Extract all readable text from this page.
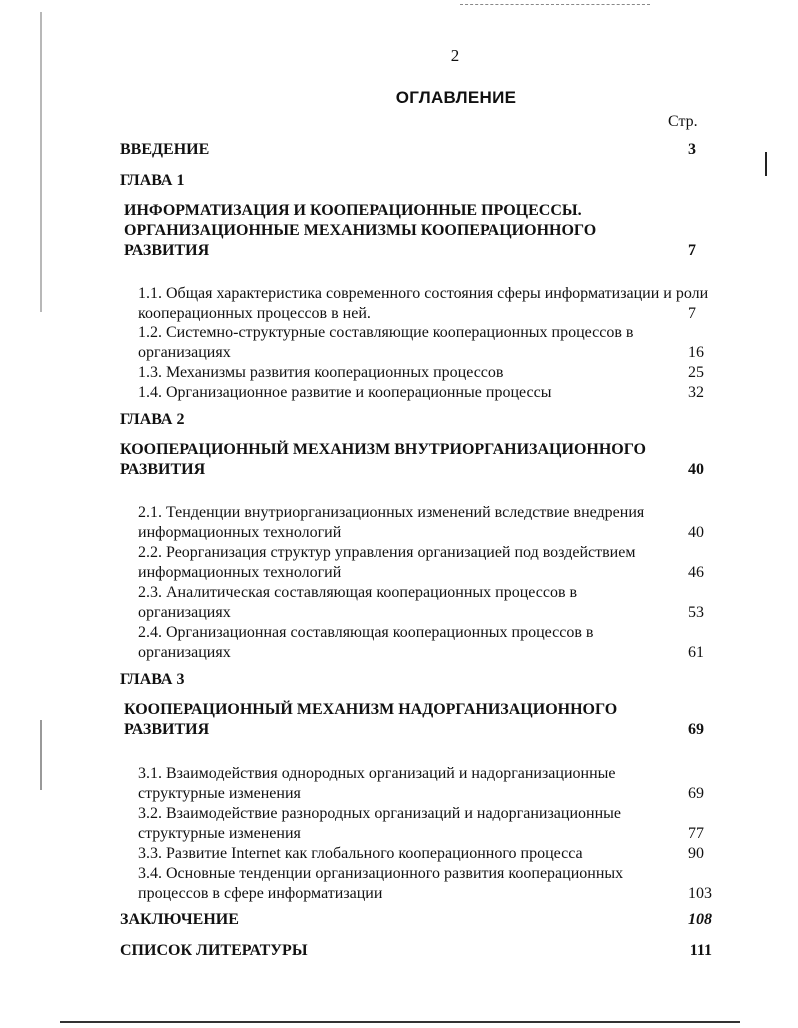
2
ОГЛАВЛЕНИЕ
Стр.
ВВЕДЕНИЕ	3
ГЛАВА 1
ИНФОРМАТИЗАЦИЯ И КООПЕРАЦИОННЫЕ ПРОЦЕССЫ. ОРГАНИЗАЦИОННЫЕ МЕХАНИЗМЫ КООПЕРАЦИОННОГО РАЗВИТИЯ	7
1.1. Общая характеристика современного состояния сферы информатизации и роли кооперационных процессов в ней.	7
1.2. Системно-структурные составляющие кооперационных процессов в организациях	16
1.3. Механизмы развития кооперационных процессов	25
1.4. Организационное развитие и кооперационные процессы	32
ГЛАВА 2
КООПЕРАЦИОННЫЙ МЕХАНИЗМ ВНУТРИОРГАНИЗАЦИОННОГО РАЗВИТИЯ	40
2.1. Тенденции внутриорганизационных изменений вследствие внедрения информационных технологий	40
2.2. Реорганизация структур управления организацией под воздействием информационных технологий	46
2.3. Аналитическая составляющая кооперационных процессов в организациях	53
2.4. Организационная составляющая кооперационных процессов в организациях	61
ГЛАВА 3
КООПЕРАЦИОННЫЙ МЕХАНИЗМ НАДОРГАНИЗАЦИОННОГО РАЗВИТИЯ	69
3.1. Взаимодействия однородных организаций и надорганизационные структурные изменения	69
3.2. Взаимодействие разнородных организаций и надорганизационные структурные изменения	77
3.3. Развитие Internet как глобального кооперационного процесса	90
3.4. Основные тенденции организационного развития кооперационных процессов в сфере информатизации	103
ЗАКЛЮЧЕНИЕ	108
СПИСОК ЛИТЕРАТУРЫ	111
